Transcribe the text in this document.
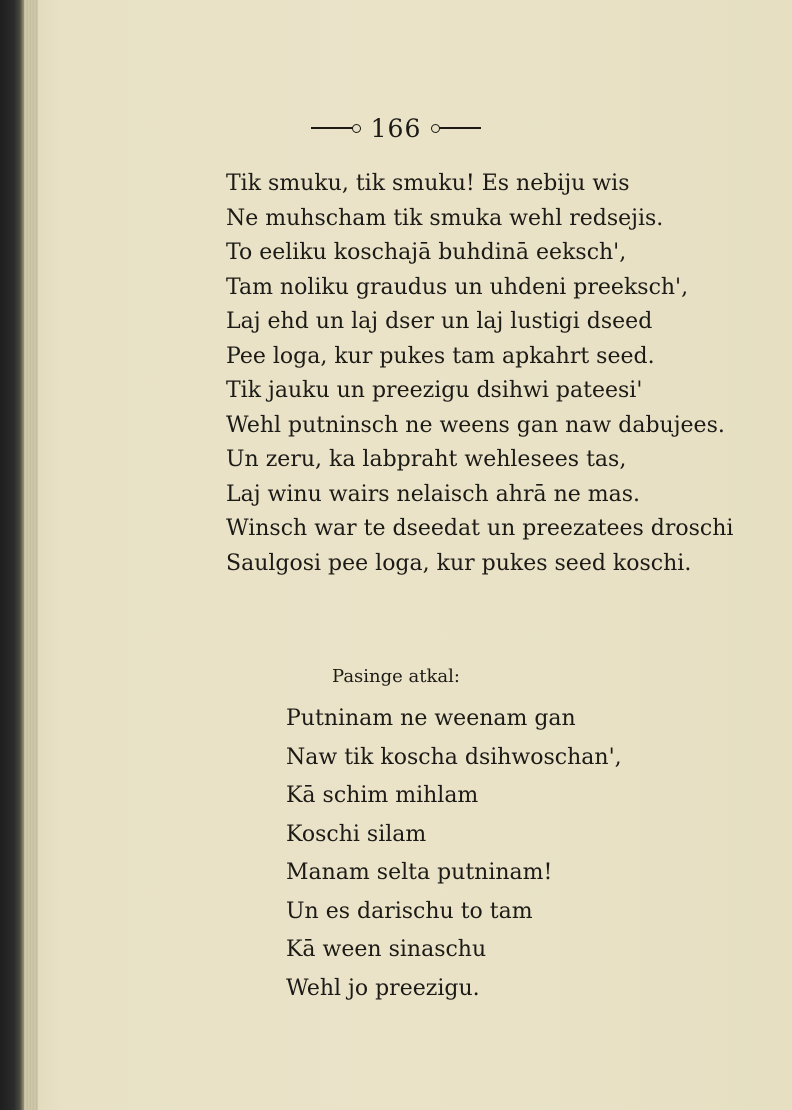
166
Tik smuku, tik smuku! Es nebiju wis
Ne muhscham tik smuka wehl redsejis.
To eeliku koschajā buhdinā eeksch',
Tam noliku graudus un uhdeni preeksch',
Laj ehd un laj dser un laj lustigi dseed
Pee loga, kur pukes tam apkahrt seed.
Tik jauku un preezigu dsihwi pateesi'
Wehl putninsch ne weens gan naw dabujees.
Un zeru, ka labpraht wehlesees tas,
Laj winu wairs nelaisch ahrā ne mas.
Winsch war te dseedat un preezatees droschi
Saulgosi pee loga, kur pukes seed koschi.
Pasinge atkal:
Putninam ne weenam gan
Naw tik koscha dsihwoschan',
Kā schim mihlam
Koschi silam
Manam selta putninam!
Un es darischu to tam
Kā ween sinaschu
Wehl jo preezigu.
